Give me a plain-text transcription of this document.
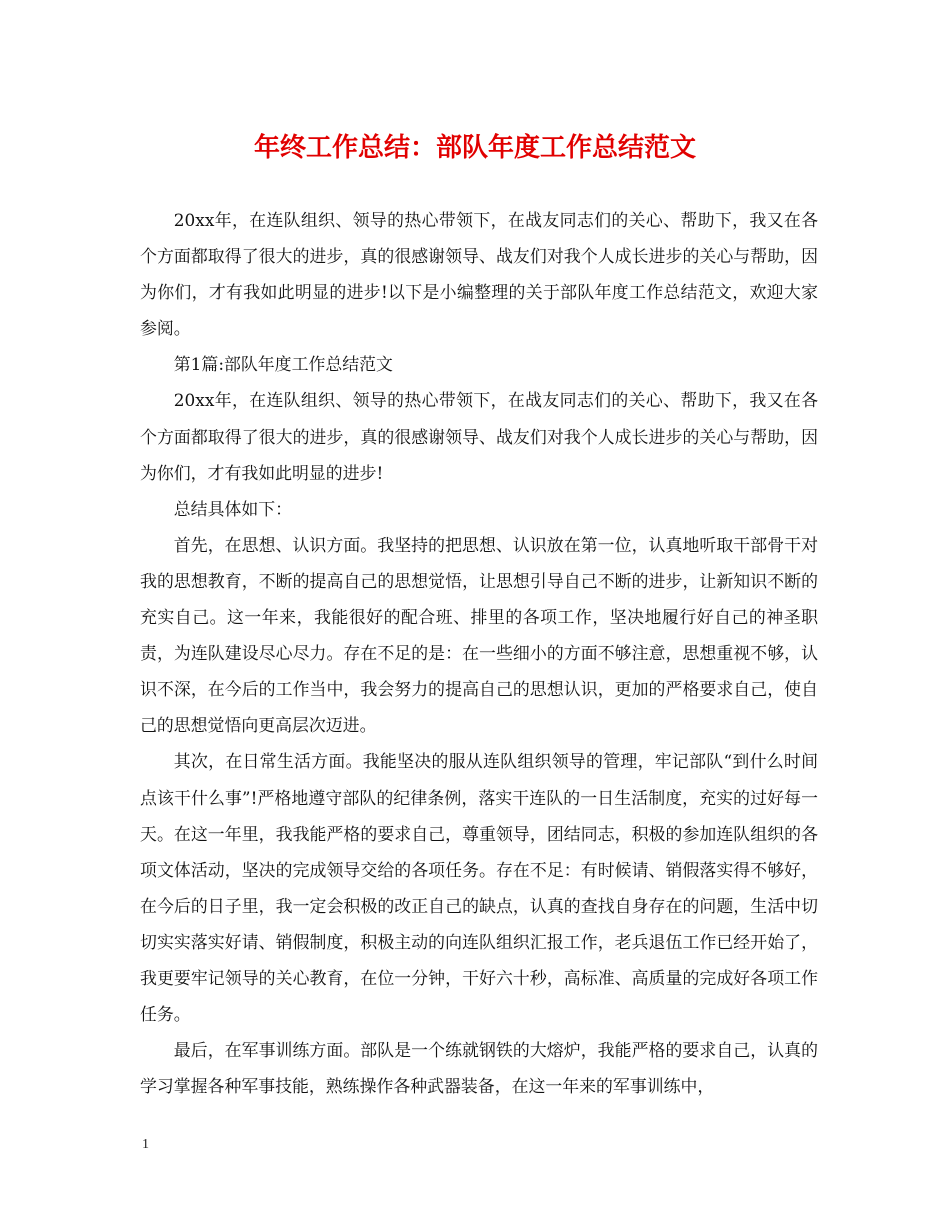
年终工作总结：部队年度工作总结范文

20xx年，在连队组织、领导的热心带领下，在战友同志们的关心、帮助下，我又在各个方面都取得了很大的进步，真的很感谢领导、战友们对我个人成长进步的关心与帮助，因为你们，才有我如此明显的进步!以下是小编整理的关于部队年度工作总结范文，欢迎大家参阅。

第1篇:部队年度工作总结范文

20xx年，在连队组织、领导的热心带领下，在战友同志们的关心、帮助下，我又在各个方面都取得了很大的进步，真的很感谢领导、战友们对我个人成长进步的关心与帮助，因为你们，才有我如此明显的进步!

总结具体如下：

首先，在思想、认识方面。我坚持的把思想、认识放在第一位，认真地听取干部骨干对我的思想教育，不断的提高自己的思想觉悟，让思想引导自己不断的进步，让新知识不断的充实自己。这一年来，我能很好的配合班、排里的各项工作，坚决地履行好自己的神圣职责，为连队建设尽心尽力。存在不足的是：在一些细小的方面不够注意，思想重视不够，认识不深，在今后的工作当中，我会努力的提高自己的思想认识，更加的严格要求自己，使自己的思想觉悟向更高层次迈进。

其次，在日常生活方面。我能坚决的服从连队组织领导的管理，牢记部队“到什么时间点该干什么事”!严格地遵守部队的纪律条例，落实干连队的一日生活制度，充实的过好每一天。在这一年里，我我能严格的要求自己，尊重领导，团结同志，积极的参加连队组织的各项文体活动，坚决的完成领导交给的各项任务。存在不足：有时候请、销假落实得不够好，在今后的日子里，我一定会积极的改正自己的缺点，认真的查找自身存在的问题，生活中切切实实落实好请、销假制度，积极主动的向连队组织汇报工作，老兵退伍工作已经开始了，我更要牢记领导的关心教育，在位一分钟，干好六十秒，高标准、高质量的完成好各项工作任务。

最后，在军事训练方面。部队是一个练就钢铁的大熔炉，我能严格的要求自己，认真的学习掌握各种军事技能，熟练操作各种武器装备，在这一年来的军事训练中，

1
